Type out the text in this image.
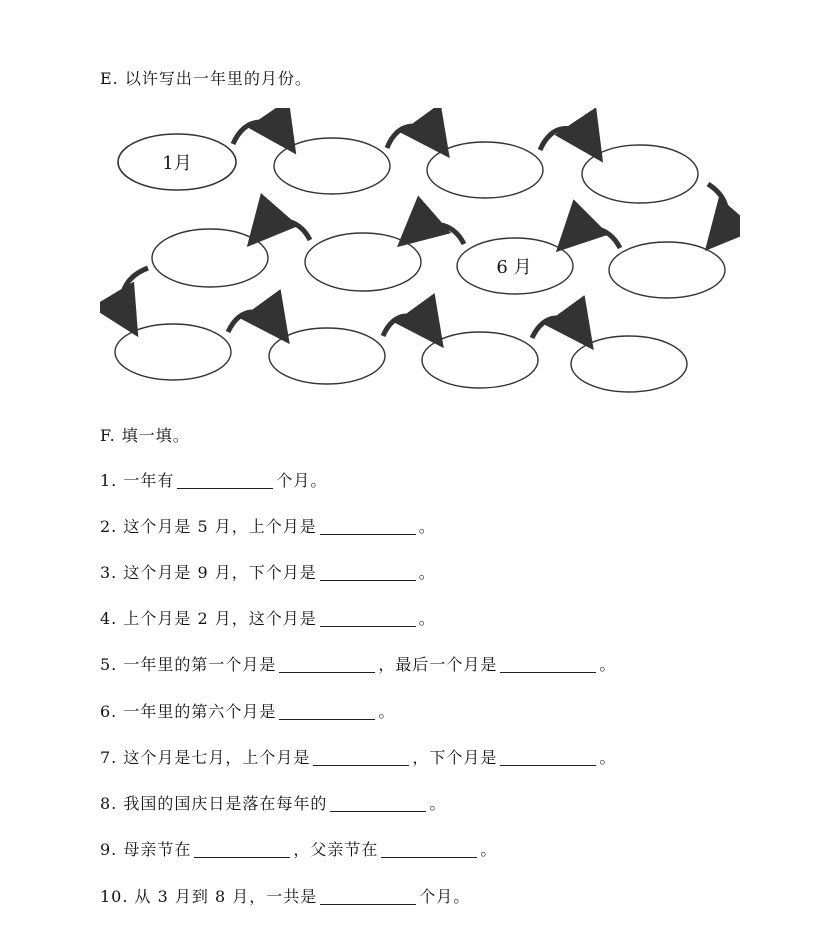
E. 以许写出一年里的月份。
1月
6 月
F. 填一填。
1. 一年有	个月。
2. 这个月是 5 月，上个月是	。
3. 这个月是 9 月，下个月是	。
4. 上个月是 2 月，这个月是	。
5. 一年里的第一个月是	，最后一个月是	。
6. 一年里的第六个月是	。
7. 这个月是七月，上个月是	，下个月是	。
8. 我国的国庆日是落在每年的	。
9. 母亲节在	，父亲节在	。
10. 从 3 月到 8 月，一共是	个月。
